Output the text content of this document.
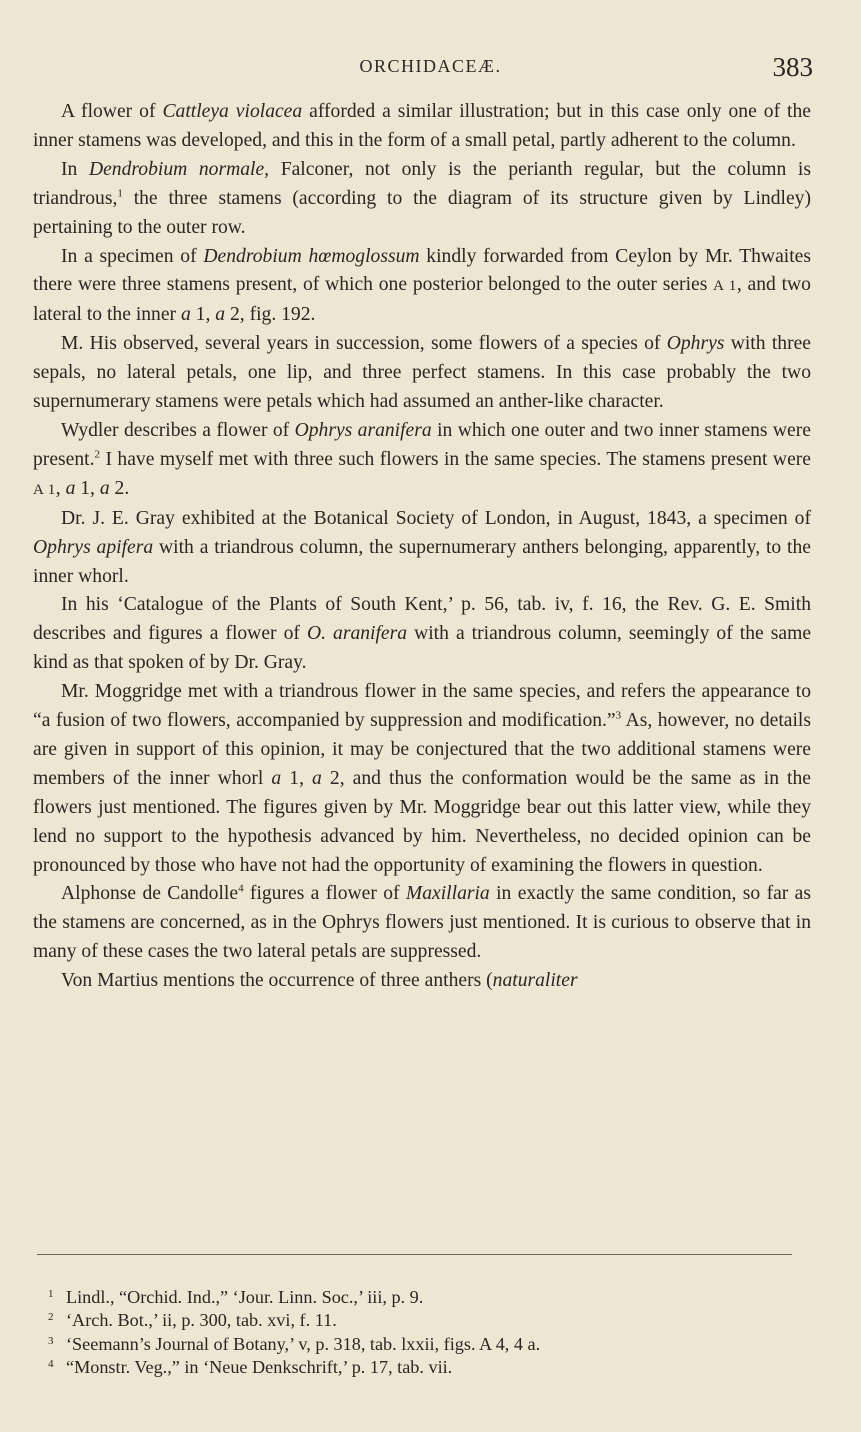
ORCHIDACEÆ.	383

A flower of Cattleya violacea afforded a similar illustration; but in this case only one of the inner stamens was developed, and this in the form of a small petal, partly adherent to the column.

In Dendrobium normale, Falconer, not only is the perianth regular, but the column is triandrous,$^1$ the three stamens (according to the diagram of its structure given by Lindley) pertaining to the outer row.

In a specimen of Dendrobium hœmoglossum kindly forwarded from Ceylon by Mr. Thwaites there were three stamens present, of which one posterior belonged to the outer series A 1, and two lateral to the inner a 1, a 2, fig. 192.

M. His observed, several years in succession, some flowers of a species of Ophrys with three sepals, no lateral petals, one lip, and three perfect stamens. In this case probably the two supernumerary stamens were petals which had assumed an anther-like character.

Wydler describes a flower of Ophrys aranifera in which one outer and two inner stamens were present.$^2$ I have myself met with three such flowers in the same species. The stamens present were A 1, a 1, a 2.

Dr. J. E. Gray exhibited at the Botanical Society of London, in August, 1843, a specimen of Ophrys apifera with a triandrous column, the supernumerary anthers belonging, apparently, to the inner whorl.

In his ‘Catalogue of the Plants of South Kent,’ p. 56, tab. iv, f. 16, the Rev. G. E. Smith describes and figures a flower of O. aranifera with a triandrous column, seemingly of the same kind as that spoken of by Dr. Gray.

Mr. Moggridge met with a triandrous flower in the same species, and refers the appearance to “a fusion of two flowers, accompanied by suppression and modification.”$^3$ As, however, no details are given in support of this opinion, it may be conjectured that the two additional stamens were members of the inner whorl a 1, a 2, and thus the conformation would be the same as in the flowers just mentioned. The figures given by Mr. Moggridge bear out this latter view, while they lend no support to the hypothesis advanced by him. Nevertheless, no decided opinion can be pronounced by those who have not had the opportunity of examining the flowers in question.

Alphonse de Candolle$^4$ figures a flower of Maxillaria in exactly the same condition, so far as the stamens are concerned, as in the Ophrys flowers just mentioned. It is curious to observe that in many of these cases the two lateral petals are suppressed.

Von Martius mentions the occurrence of three anthers (naturaliter

1 Lindl., “Orchid. Ind.,” ‘Jour. Linn. Soc.,’ iii, p. 9.

2 ‘Arch. Bot.,’ ii, p. 300, tab. xvi, f. 11.

3 ‘Seemann’s Journal of Botany,’ v, p. 318, tab. lxxii, figs. A 4, 4 a.

4 “Monstr. Veg.,” in ‘Neue Denkschrift,’ p. 17, tab. vii.
